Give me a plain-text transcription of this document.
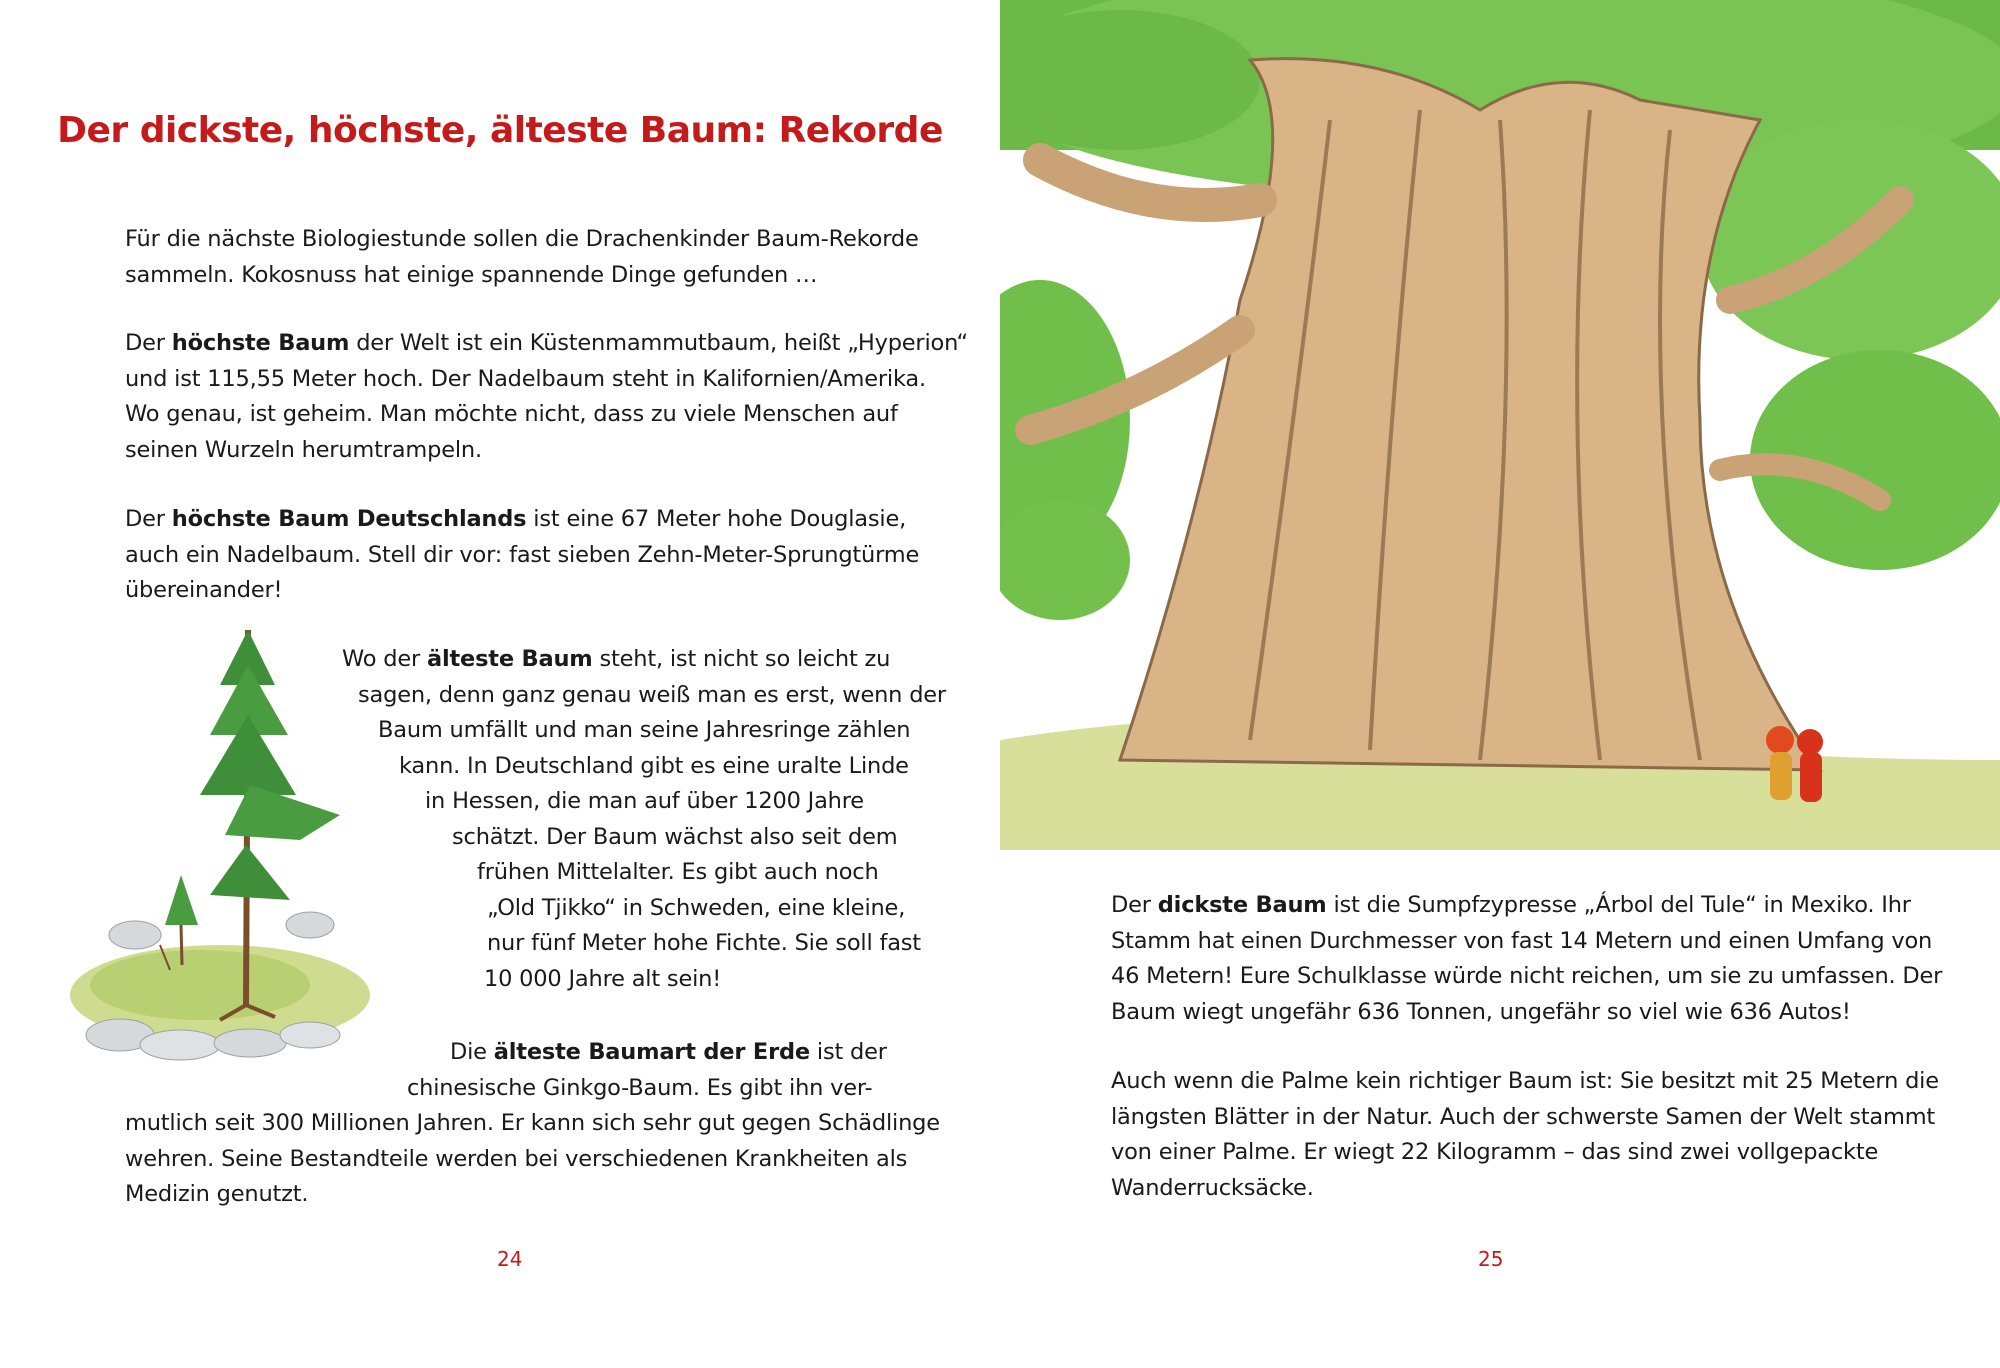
Der dickste, höchste, älteste Baum: Rekorde
Für die nächste Biologiestunde sollen die Drachenkinder Baum-Rekorde
sammeln. Kokosnuss hat einige spannende Dinge gefunden …
Der höchste Baum der Welt ist ein Küstenmammutbaum, heißt „Hyperion“
und ist 115,55 Meter hoch. Der Nadelbaum steht in Kalifornien/Amerika.
Wo genau, ist geheim. Man möchte nicht, dass zu viele Menschen auf
seinen Wurzeln herumtrampeln.
Der höchste Baum Deutschlands ist eine 67 Meter hohe Douglasie,
auch ein Nadelbaum. Stell dir vor: fast sieben Zehn-Meter-Sprungtürme
übereinander!
Wo der älteste Baum steht, ist nicht so leicht zu
sagen, denn ganz genau weiß man es erst, wenn der
Baum umfällt und man seine Jahresringe zählen
kann. In Deutschland gibt es eine uralte Linde
in Hessen, die man auf über 1200 Jahre
schätzt. Der Baum wächst also seit dem
frühen Mittelalter. Es gibt auch noch
„Old Tjikko“ in Schweden, eine kleine,
nur fünf Meter hohe Fichte. Sie soll fast
10 000 Jahre alt sein!
Die älteste Baumart der Erde ist der
chinesische Ginkgo-Baum. Es gibt ihn ver-
mutlich seit 300 Millionen Jahren. Er kann sich sehr gut gegen Schädlinge
wehren. Seine Bestandteile werden bei verschiedenen Krankheiten als
Medizin genutzt.
24
Der dickste Baum ist die Sumpfzypresse „Árbol del Tule“ in Mexiko. Ihr
Stamm hat einen Durchmesser von fast 14 Metern und einen Umfang von
46 Metern! Eure Schulklasse würde nicht reichen, um sie zu umfassen. Der
Baum wiegt ungefähr 636 Tonnen, ungefähr so viel wie 636 Autos!
Auch wenn die Palme kein richtiger Baum ist: Sie besitzt mit 25 Metern die
längsten Blätter in der Natur. Auch der schwerste Samen der Welt stammt
von einer Palme. Er wiegt 22 Kilogramm – das sind zwei vollgepackte
Wanderrucksäcke.
25
